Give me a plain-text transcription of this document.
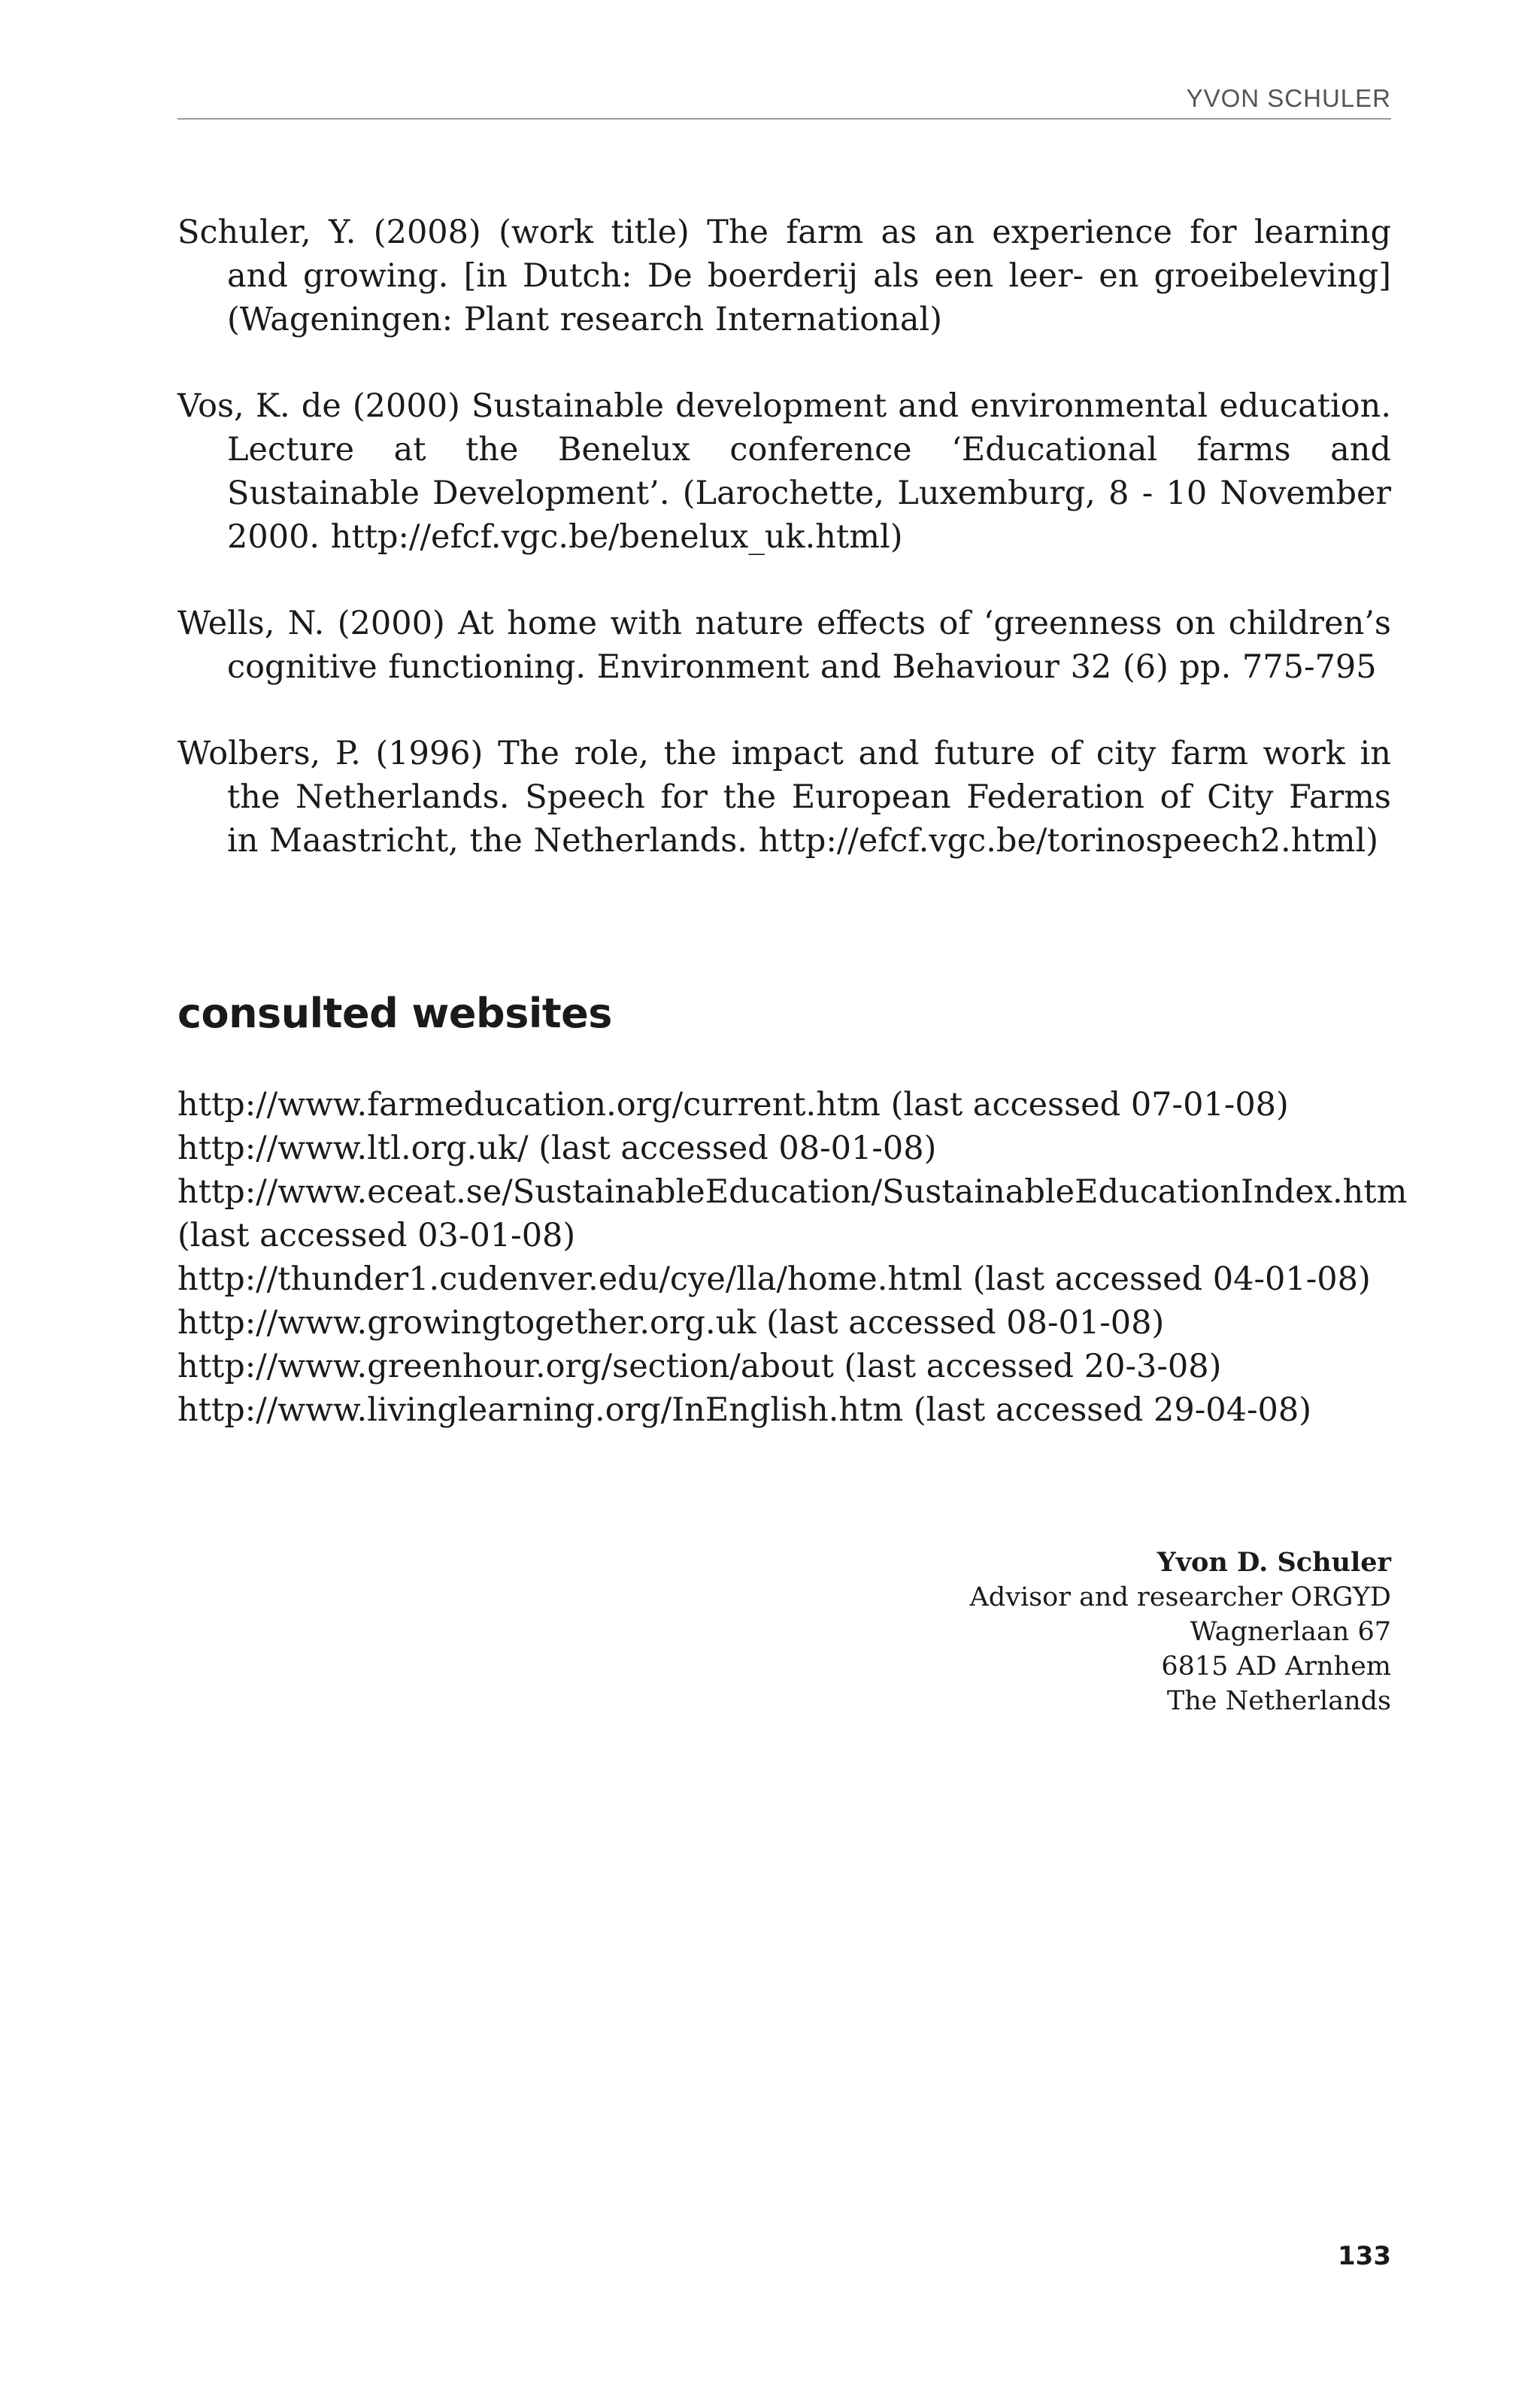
YVON SCHULER

Schuler, Y. (2008) (work title) The farm as an experience for learning and growing. [in Dutch: De boerderij als een leer- en groeibeleving] (Wageningen: Plant research International)

Vos, K. de (2000) Sustainable development and environmental education. Lecture at the Benelux conference ‘Educational farms and Sustainable Development’. (Larochette, Luxemburg, 8 - 10 November 2000. http://efcf.vgc.be/benelux_uk.html)

Wells, N. (2000) At home with nature effects of ‘greenness on children’s cognitive functioning. Environment and Behaviour 32 (6) pp. 775-795

Wolbers, P. (1996) The role, the impact and future of city farm work in the Netherlands. Speech for the European Federation of City Farms in Maastricht, the Netherlands. http://efcf.vgc.be/torinospeech2.html)

consulted websites
http://www.farmeducation.org/current.htm (last accessed 07-01-08)
http://www.ltl.org.uk/ (last accessed 08-01-08)
http://www.eceat.se/SustainableEducation/SustainableEducationIndex.htm
(last accessed 03-01-08)
http://thunder1.cudenver.edu/cye/lla/home.html (last accessed 04-01-08)
http://www.growingtogether.org.uk (last accessed 08-01-08)
http://www.greenhour.org/section/about (last accessed 20-3-08)
http://www.livinglearning.org/InEnglish.htm (last accessed 29-04-08)
Yvon D. Schuler
Advisor and researcher ORGYD
Wagnerlaan 67
6815 AD Arnhem
The Netherlands
133
